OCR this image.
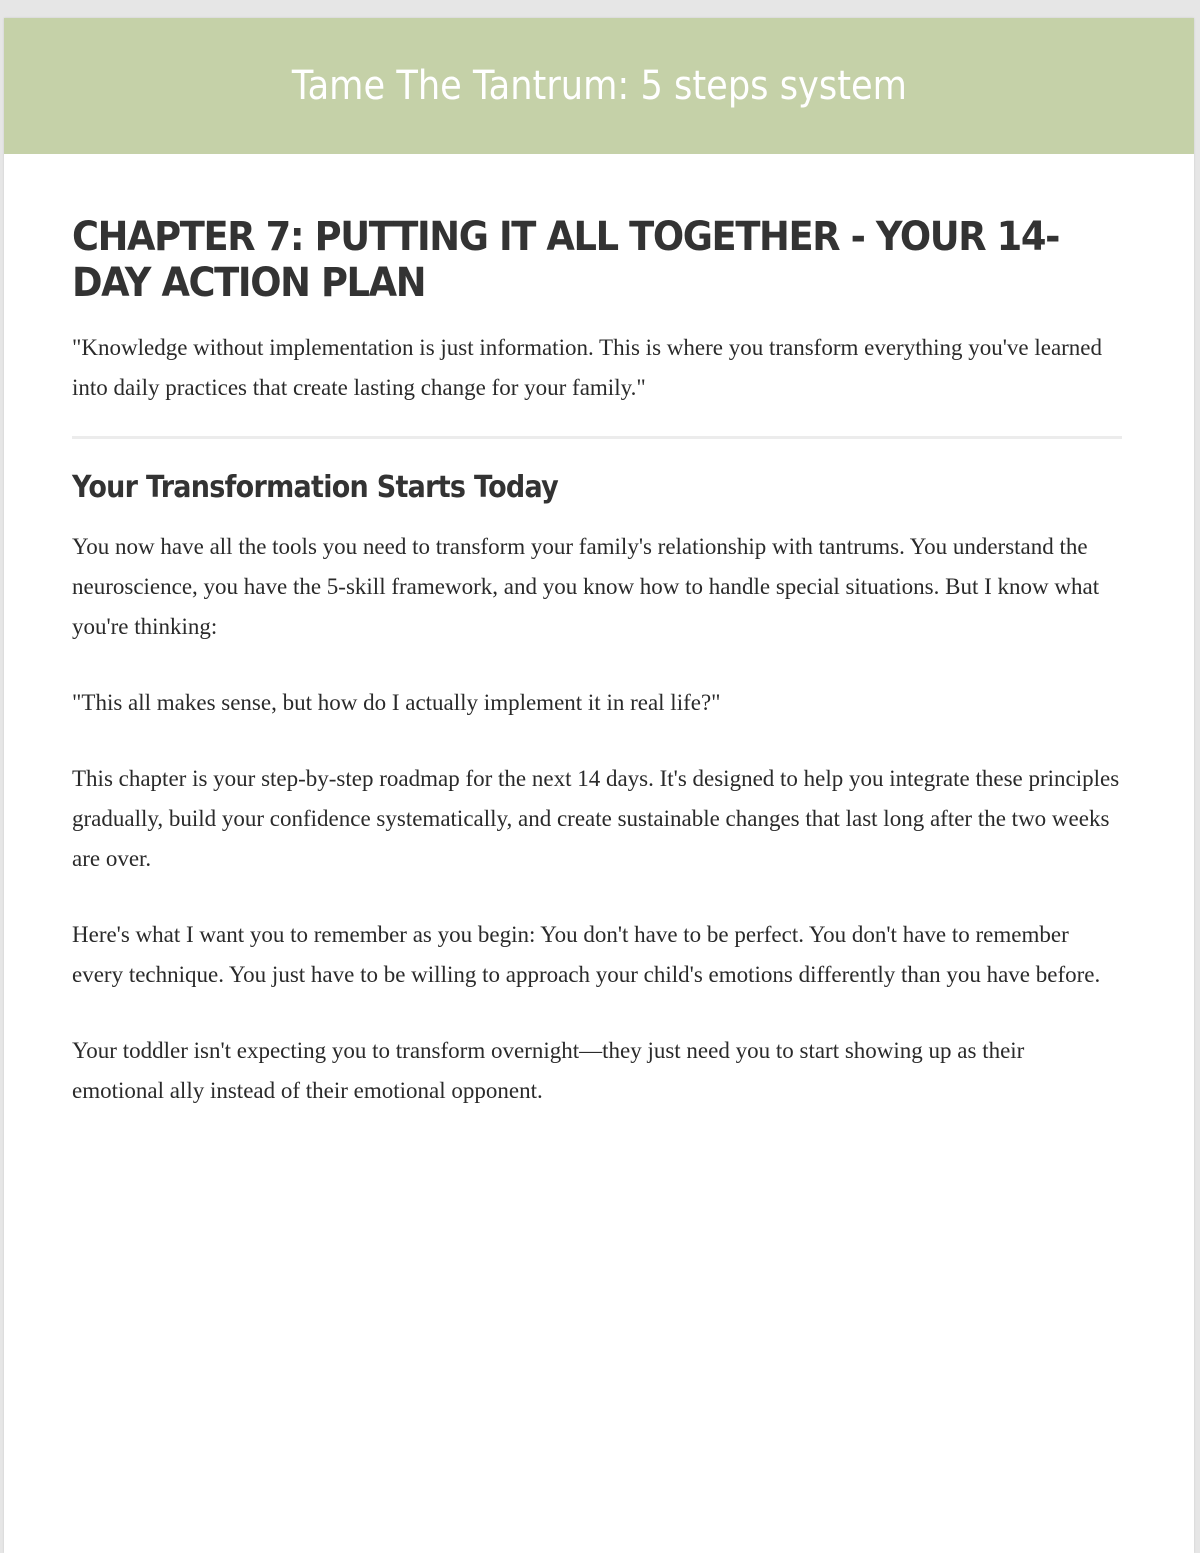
Tame The Tantrum: 5 steps system
CHAPTER 7: PUTTING IT ALL TOGETHER - YOUR 14-DAY ACTION PLAN

"Knowledge without implementation is just information. This is where you transform everything you've learned into daily practices that create lasting change for your family."

Your Transformation Starts Today

You now have all the tools you need to transform your family's relationship with tantrums. You understand the neuroscience, you have the 5-skill framework, and you know how to handle special situations. But I know what you're thinking:

"This all makes sense, but how do I actually implement it in real life?"

This chapter is your step-by-step roadmap for the next 14 days. It's designed to help you integrate these principles gradually, build your confidence systematically, and create sustainable changes that last long after the two weeks are over.

Here's what I want you to remember as you begin: You don't have to be perfect. You don't have to remember every technique. You just have to be willing to approach your child's emotions differently than you have before.

Your toddler isn't expecting you to transform overnight—they just need you to start showing up as their emotional ally instead of their emotional opponent.
